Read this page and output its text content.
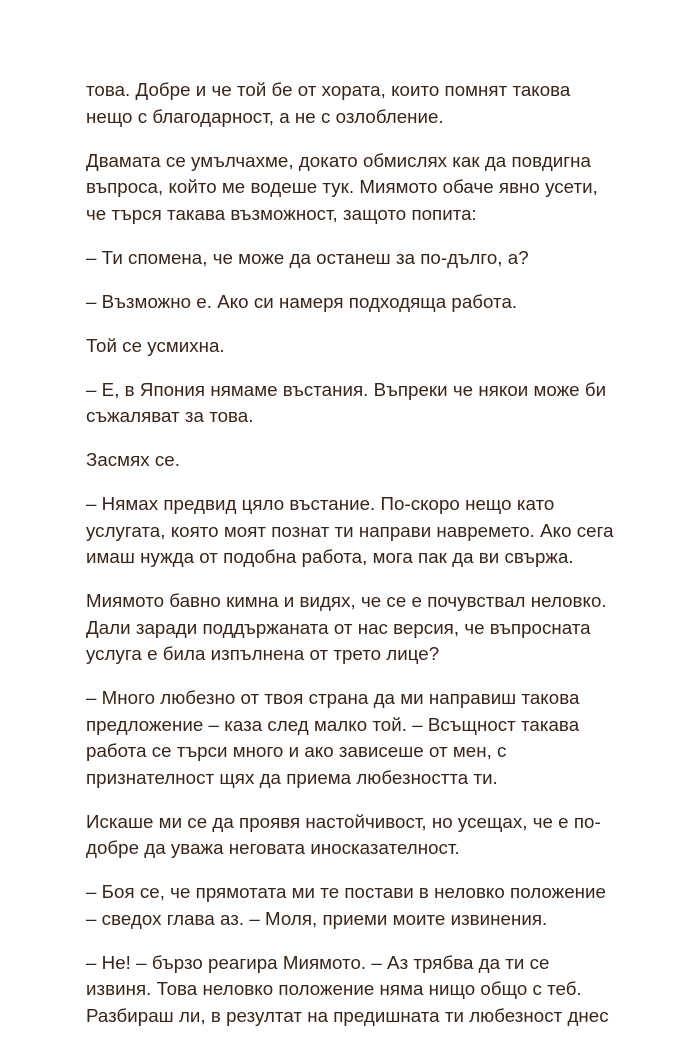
това. Добре и че той бе от хората, които помнят такова
нещо с благодарност, а не с озлобление.

Двамата се умълчахме, докато обмислях как да повдигна
въпроса, който ме водеше тук. Миямото обаче явно усети,
че търся такава възможност, защото попита:

– Ти спомена, че може да останеш за по-дълго, а?

– Възможно е. Ако си намеря подходяща работа.

Той се усмихна.

– Е, в Япония нямаме въстания. Въпреки че някои може би
съжаляват за това.

Засмях се.

– Нямах предвид цяло въстание. По-скоро нещо като
услугата, която моят познат ти направи навремето. Ако сега
имаш нужда от подобна работа, мога пак да ви свържа.

Миямото бавно кимна и видях, че се е почувствал неловко.
Дали заради поддържаната от нас версия, че въпросната
услуга е била изпълнена от трето лице?

– Много любезно от твоя страна да ми направиш такова
предложение – каза след малко той. – Всъщност такава
работа се търси много и ако зависеше от мен, с
признателност щях да приема любезността ти.

Искаше ми се да проявя настойчивост, но усещах, че е по-
добре да уважа неговата иносказателност.

– Боя се, че прямотата ми те постави в неловко положение
– сведох глава аз. – Моля, приеми моите извинения.

– Не! – бързо реагира Миямото. – Аз трябва да ти се
извиня. Това неловко положение няма нищо общо с теб.
Разбираш ли, в резултат на предишната ти любезност днес
